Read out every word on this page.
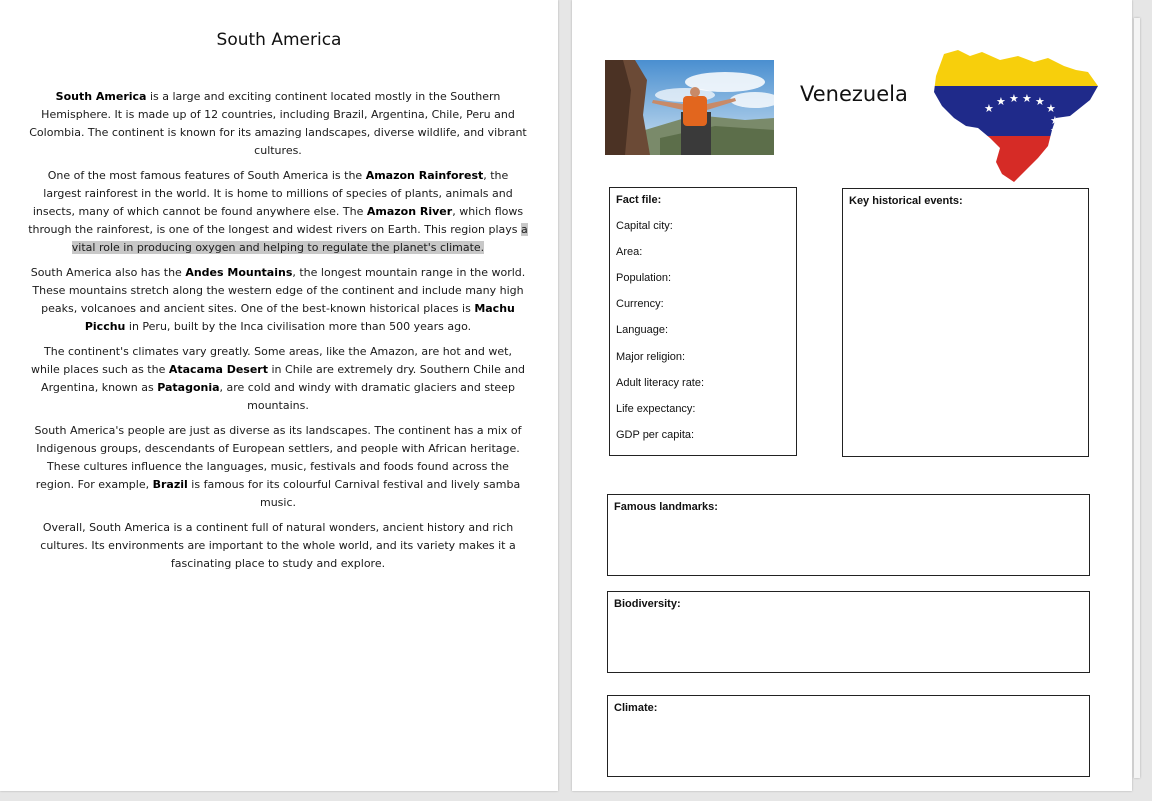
South America

South America is a large and exciting continent located mostly in the Southern Hemisphere. It is made up of 12 countries, including Brazil, Argentina, Chile, Peru and Colombia. The continent is known for its amazing landscapes, diverse wildlife, and vibrant cultures.

One of the most famous features of South America is the Amazon Rainforest, the largest rainforest in the world. It is home to millions of species of plants, animals and insects, many of which cannot be found anywhere else. The Amazon River, which flows through the rainforest, is one of the longest and widest rivers on Earth. This region plays a vital role in producing oxygen and helping to regulate the planet's climate.

South America also has the Andes Mountains, the longest mountain range in the world. These mountains stretch along the western edge of the continent and include many high peaks, volcanoes and ancient sites. One of the best-known historical places is Machu Picchu in Peru, built by the Inca civilisation more than 500 years ago.

The continent's climates vary greatly. Some areas, like the Amazon, are hot and wet, while places such as the Atacama Desert in Chile are extremely dry. Southern Chile and Argentina, known as Patagonia, are cold and windy with dramatic glaciers and steep mountains.

South America's people are just as diverse as its landscapes. The continent has a mix of Indigenous groups, descendants of European settlers, and people with African heritage. These cultures influence the languages, music, festivals and foods found across the region. For example, Brazil is famous for its colourful Carnival festival and lively samba music.

Overall, South America is a continent full of natural wonders, ancient history and rich cultures. Its environments are important to the whole world, and its variety makes it a fascinating place to study and explore.

Venezuela
★
★ ★ ★ ★
★
★
★
Fact file:
Capital city:
Area:
Population:
Currency:
Language:
Major religion:
Adult literacy rate:
Life expectancy:
GDP per capita:
Key historical events:
Famous landmarks:
Biodiversity:
Climate:
